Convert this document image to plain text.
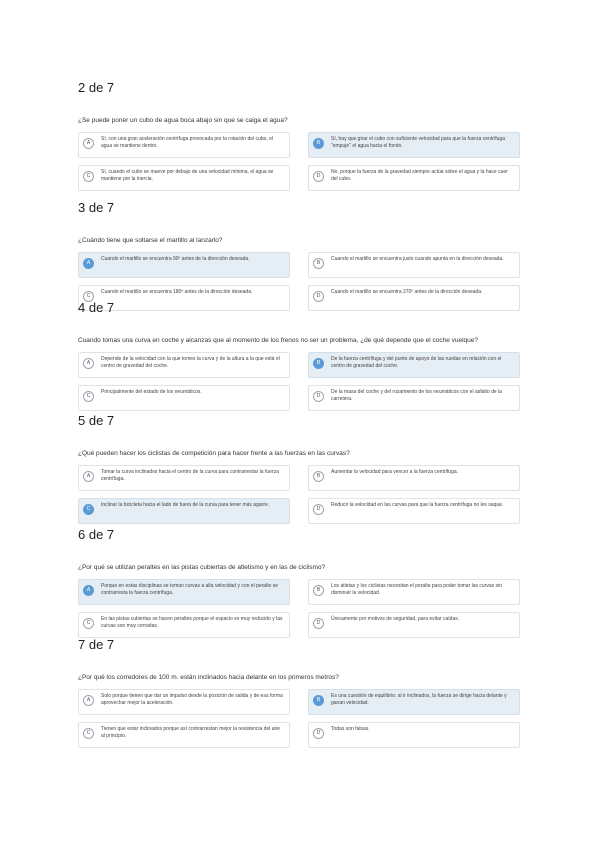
2 de 7
¿Se puede poner un cubo de agua boca abajo sin que se caiga el agua?
A
Sí, con una gran aceleración centrífuga provocada por la rotación del cubo, el agua se mantiene dentro.	B
Sí, hay que girar el cubo con suficiente velocidad para que la fuerza centrífuga "empuje" el agua hacia el fondo.
C
Sí, cuando el cubo se mueve por debajo de una velocidad mínima, el agua se mantiene por la inercia.	D
No, porque la fuerza de la gravedad siempre actúa sobre el agua y la hace caer del cubo.
3 de 7
¿Cuándo tiene que soltarse el martillo al lanzarlo?
A
Cuando el martillo se encuentra 90º antes de la dirección deseada.
B
Cuando el martillo se encuentra justo cuando apunta en la dirección deseada.
C
Cuando el martillo se encuentra 180º antes de la dirección deseada.
D
Cuando el martillo se encuentra 270º antes de la dirección deseada.
4 de 7
Cuando tomas una curva en coche y alcanzas que al momento de los frenos no ser un problema, ¿de qué depende que el coche vuelque?
A
Depende de la velocidad con la que tomes la curva y de la altura a la que está el centro de gravedad del coche.	B
De la fuerza centrífuga y del punto de apoyo de las ruedas en relación con el centro de gravedad del coche.
C
Principalmente del estado de los neumáticos.
D
De la masa del coche y del rozamiento de los neumáticos con el asfalto de la carretera.
5 de 7
¿Qué pueden hacer los ciclistas de competición para hacer frente a las fuerzas en las curvas?
A
Tomar la curva inclinados hacia el centro de la curva para contrarrestar la fuerza centrífuga.	B
Aumentar la velocidad para vencer a la fuerza centrífuga.
C
Inclinar la bicicleta hacia el lado de fuera de la curva para tener más agarre.
D
Reducir la velocidad en las curvas para que la fuerza centrífuga no les saque.
6 de 7
¿Por qué se utilizan peraltes en las pistas cubiertas de atletismo y en las de ciclismo?
A
Porque en estas disciplinas se toman curvas a alta velocidad y con el peralte se contrarresta la fuerza centrífuga.	B
Los atletas y los ciclistas necesitan el peralte para poder tomar las curvas sin disminuir la velocidad.
C
En las pistas cubiertas se hacen peraltes porque el espacio es muy reducido y las curvas son muy cerradas.	D
Únicamente por motivos de seguridad, para evitar caídas.
7 de 7
¿Por qué los corredores de 100 m. están inclinados hacia delante en los primeros metros?
A
Solo porque tienen que dar un impulso desde la posición de salida y de esa forma aprovechar mejor la aceleración.	B
Es una cuestión de equilibrio: al ir inclinados, la fuerza se dirige hacia delante y ganan velocidad.
C
Tienen que estar inclinados porque así contrarrestan mejor la resistencia del aire al principio.	D
Todas son falsas.
